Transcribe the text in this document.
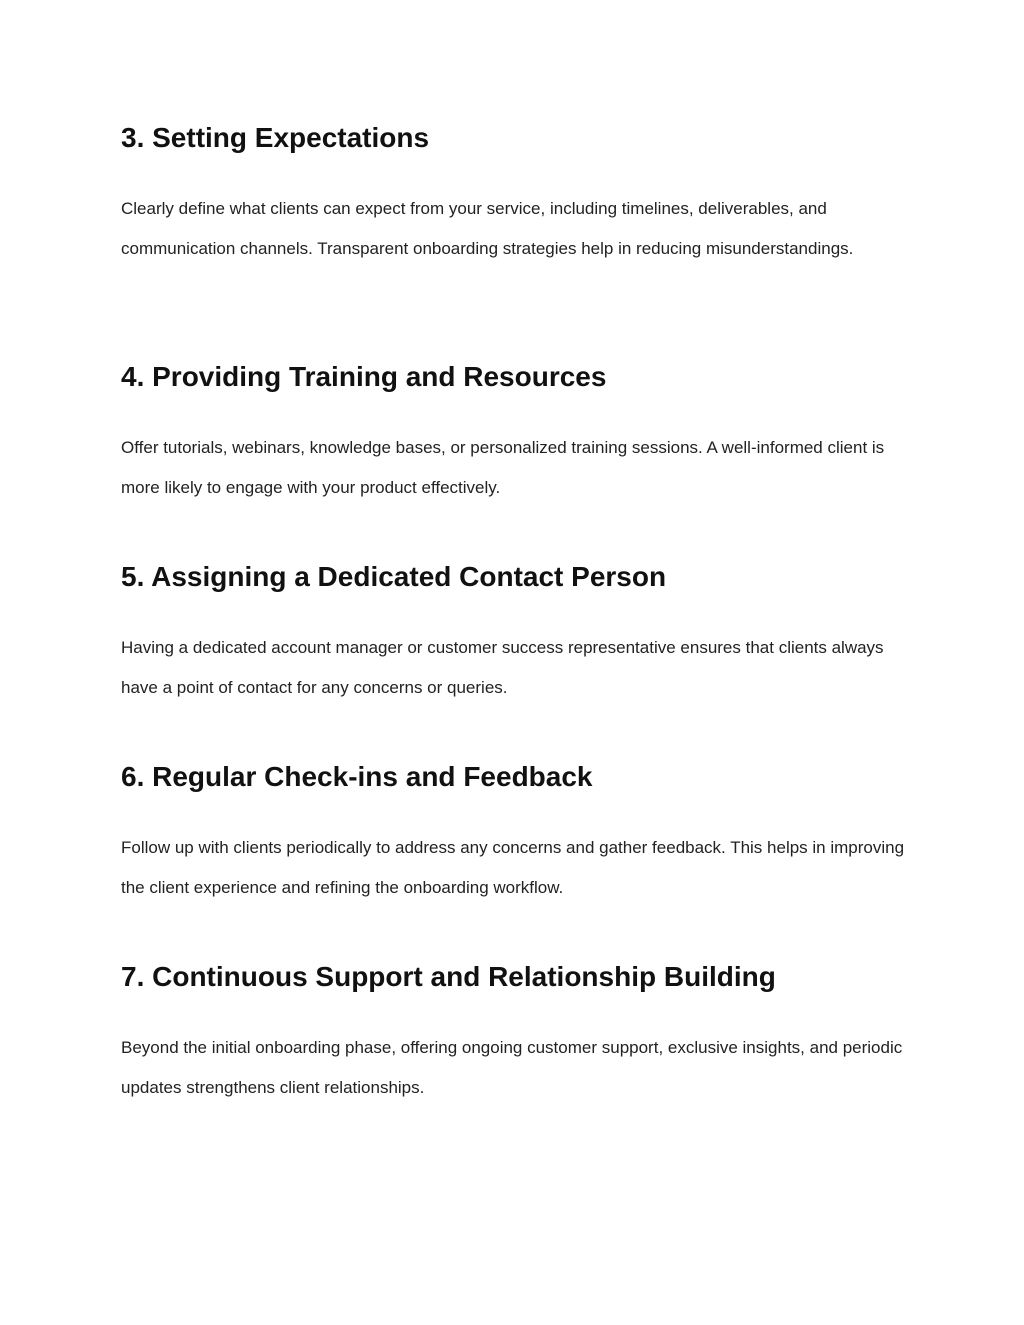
3. Setting Expectations

Clearly define what clients can expect from your service, including timelines, deliverables, and communication channels. Transparent onboarding strategies help in reducing misunderstandings.

4. Providing Training and Resources

Offer tutorials, webinars, knowledge bases, or personalized training sessions. A well-informed client is more likely to engage with your product effectively.

5. Assigning a Dedicated Contact Person

Having a dedicated account manager or customer success representative ensures that clients always have a point of contact for any concerns or queries.

6. Regular Check-ins and Feedback

Follow up with clients periodically to address any concerns and gather feedback. This helps in improving the client experience and refining the onboarding workflow.

7. Continuous Support and Relationship Building

Beyond the initial onboarding phase, offering ongoing customer support, exclusive insights, and periodic updates strengthens client relationships.
